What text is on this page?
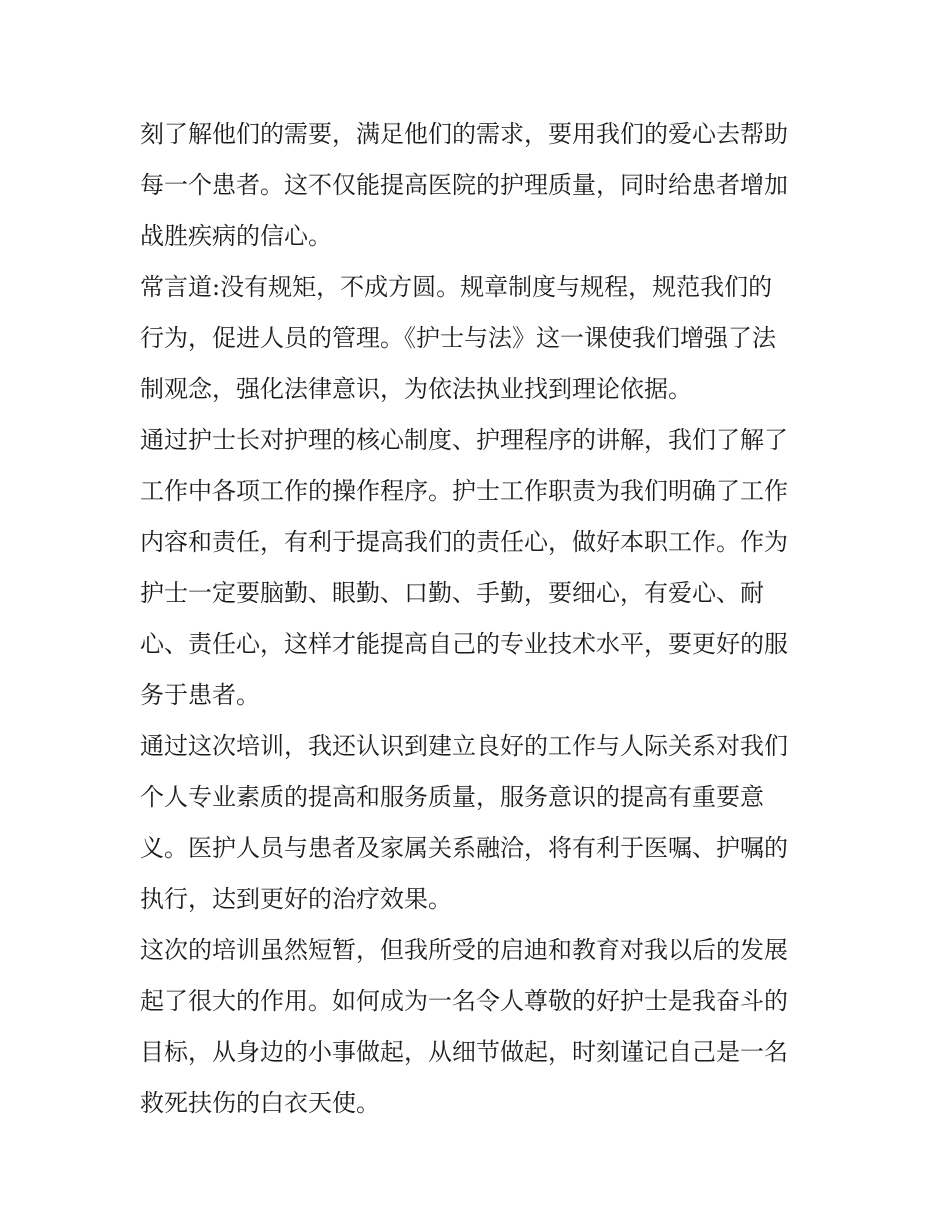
刻了解他们的需要，满足他们的需求，要用我们的爱心去帮助
每一个患者。这不仅能提高医院的护理质量，同时给患者增加
战胜疾病的信心。
常言道:没有规矩，不成方圆。规章制度与规程，规范我们的
行为，促进人员的管理。《护士与法》这一课使我们增强了法
制观念，强化法律意识，为依法执业找到理论依据。
通过护士长对护理的核心制度、护理程序的讲解，我们了解了
工作中各项工作的操作程序。护士工作职责为我们明确了工作
内容和责任，有利于提高我们的责任心，做好本职工作。作为
护士一定要脑勤、眼勤、口勤、手勤，要细心，有爱心、耐
心、责任心，这样才能提高自己的专业技术水平，要更好的服
务于患者。
通过这次培训，我还认识到建立良好的工作与人际关系对我们
个人专业素质的提高和服务质量，服务意识的提高有重要意
义。医护人员与患者及家属关系融洽，将有利于医嘱、护嘱的
执行，达到更好的治疗效果。
这次的培训虽然短暂，但我所受的启迪和教育对我以后的发展
起了很大的作用。如何成为一名令人尊敬的好护士是我奋斗的
目标，从身边的小事做起，从细节做起，时刻谨记自己是一名
救死扶伤的白衣天使。
